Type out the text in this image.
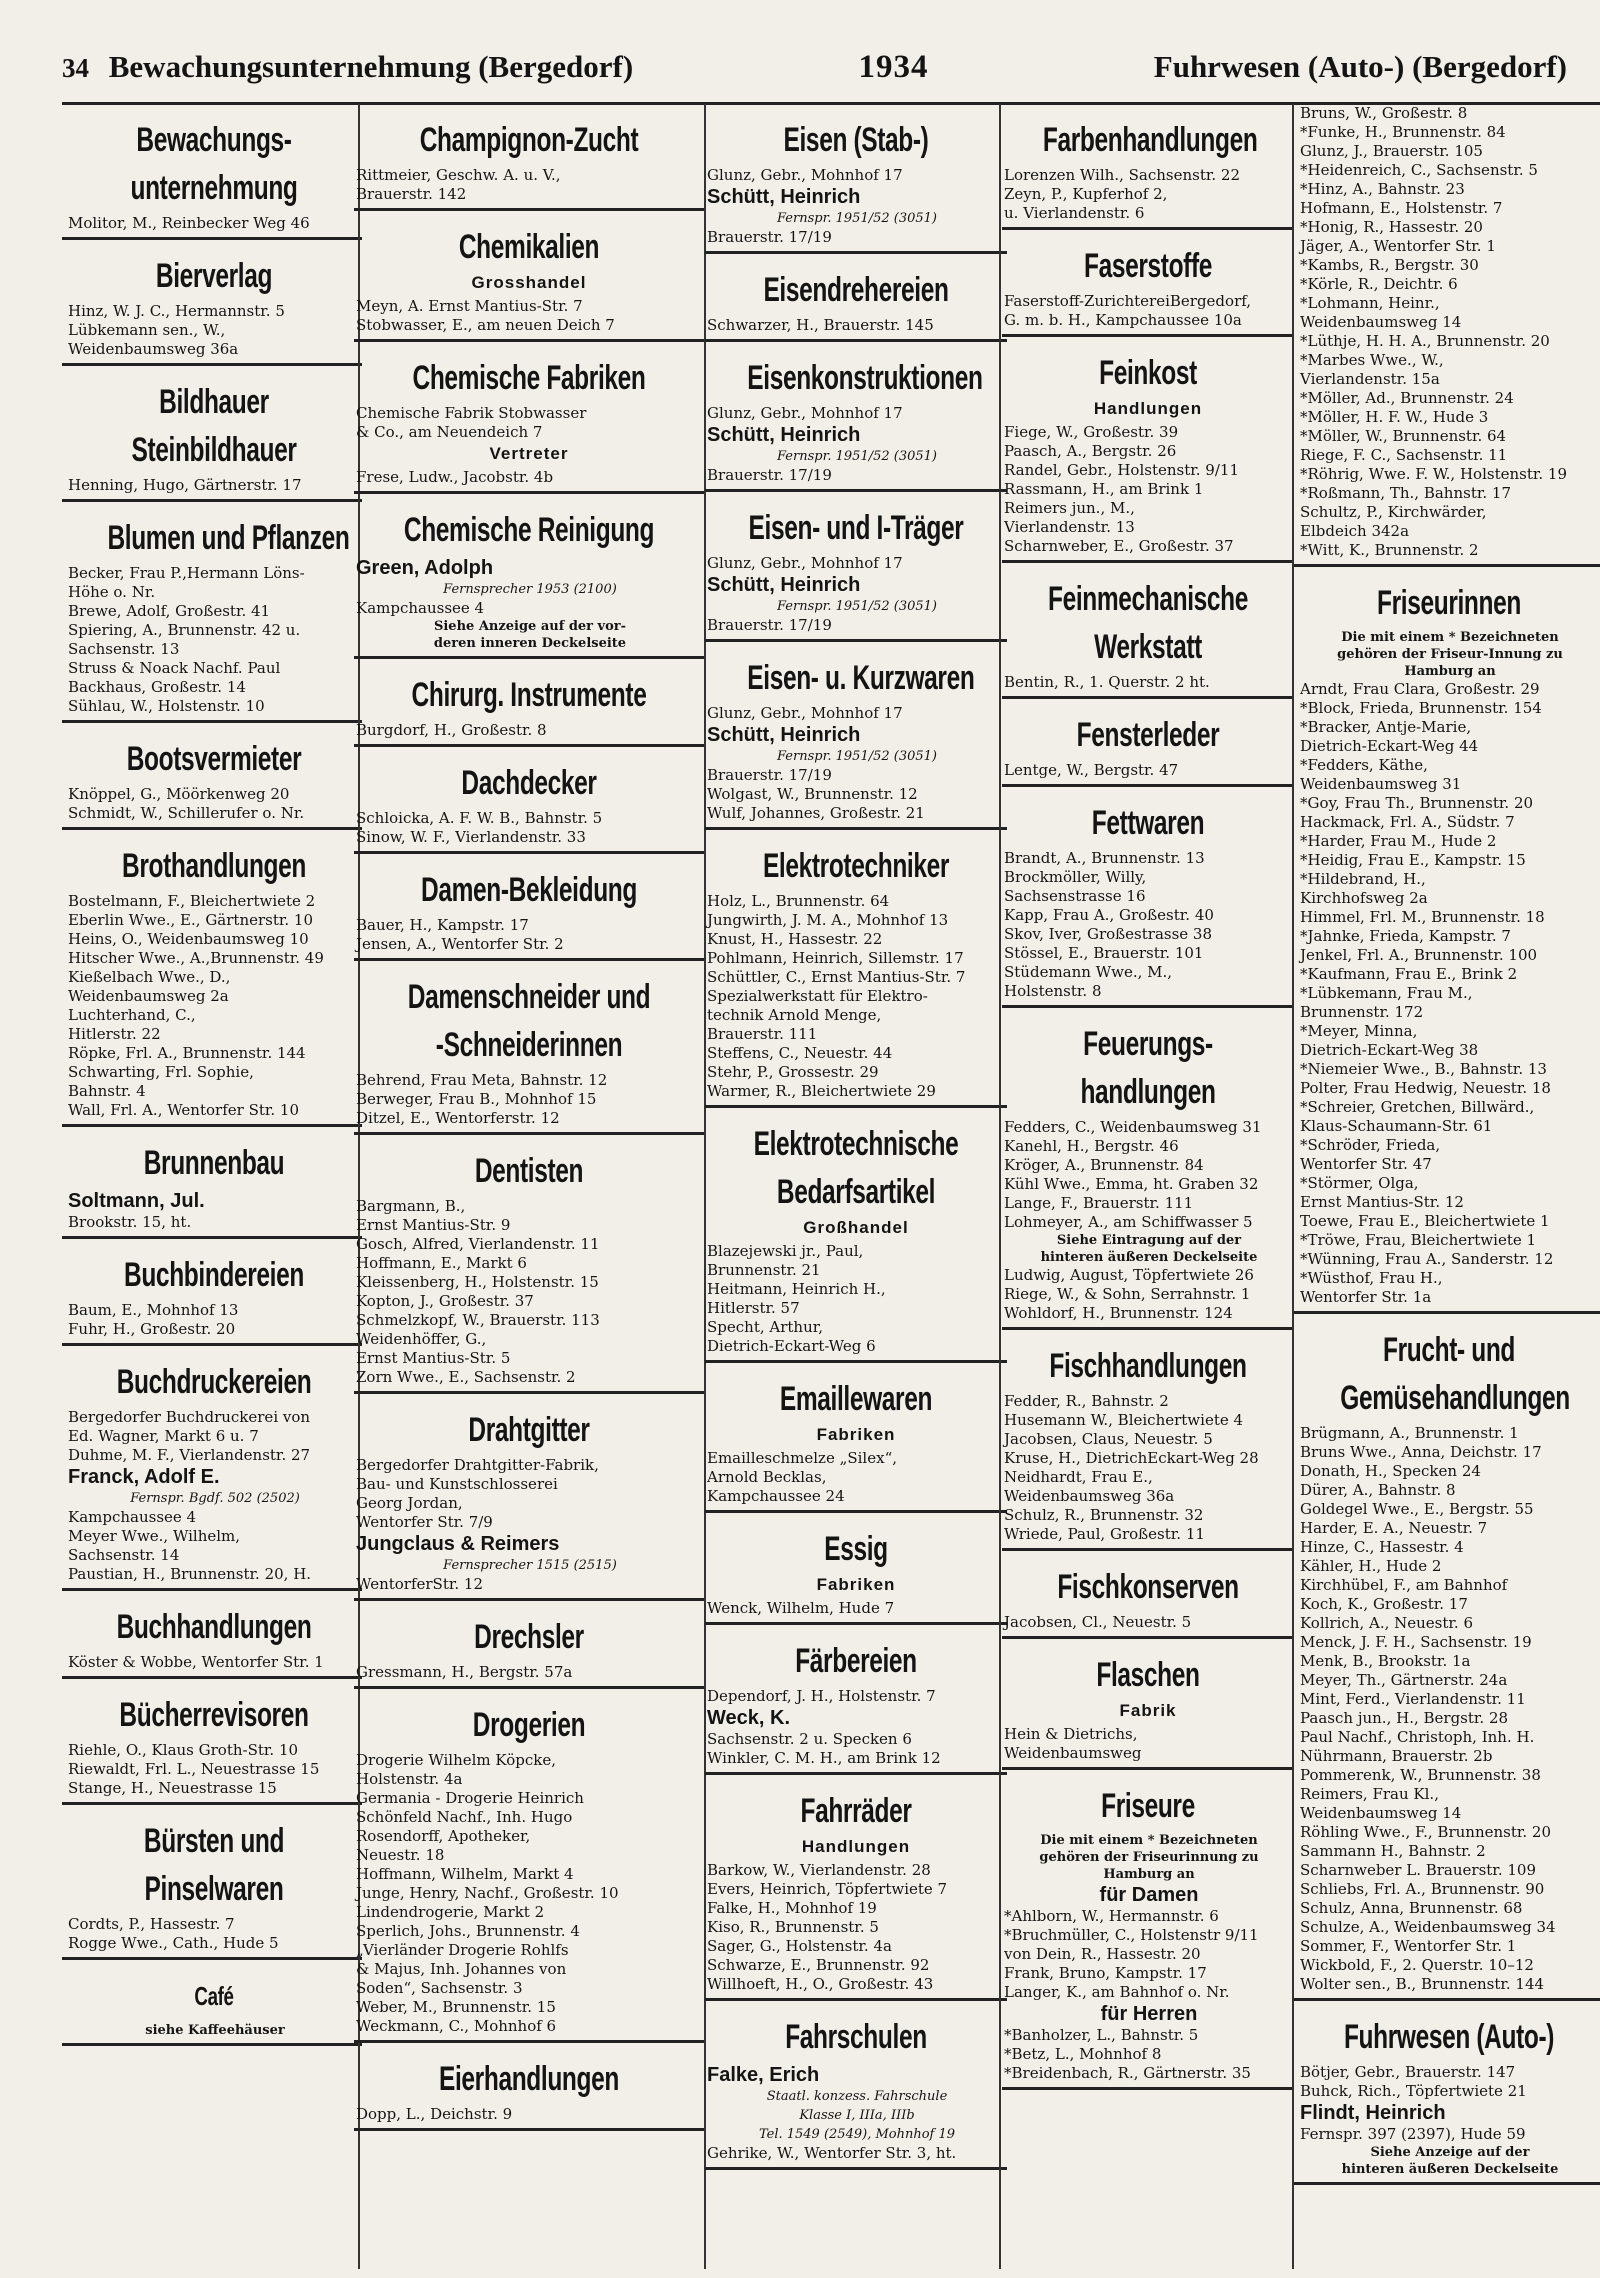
34 Bewachungsunternehmung (Bergedorf)	1934	Fuhrwesen (Auto-) (Bergedorf)
Bewachungs-
unternehmung
Molitor, M., Reinbecker Weg 46
Bierverlag
Hinz, W. J. C., Hermannstr. 5
Lübkemann sen., W.,
Weidenbaumsweg 36a
Bildhauer
Steinbildhauer
Henning, Hugo, Gärtnerstr. 17
Blumen und Pflanzen
Becker, Frau P.,Hermann Löns-
Höhe o. Nr.
Brewe, Adolf, Großestr. 41
Spiering, A., Brunnenstr. 42 u.
Sachsenstr. 13
Struss & Noack Nachf. Paul
Backhaus, Großestr. 14
Sühlau, W., Holstenstr. 10
Bootsvermieter
Knöppel, G., Möörkenweg 20
Schmidt, W., Schillerufer o. Nr.
Brothandlungen
Bostelmann, F., Bleichertwiete 2
Eberlin Wwe., E., Gärtnerstr. 10
Heins, O., Weidenbaumsweg 10
Hitscher Wwe., A.,Brunnenstr. 49
Kießelbach Wwe., D.,
Weidenbaumsweg 2a
Luchterhand, C.,
Hitlerstr. 22
Röpke, Frl. A., Brunnenstr. 144
Schwarting, Frl. Sophie,
Bahnstr. 4
Wall, Frl. A., Wentorfer Str. 10
Brunnenbau
Soltmann, Jul.
Brookstr. 15, ht.
Buchbindereien
Baum, E., Mohnhof 13
Fuhr, H., Großestr. 20
Buchdruckereien
Bergedorfer Buchdruckerei von
Ed. Wagner, Markt 6 u. 7
Duhme, M. F., Vierlandenstr. 27
Franck, Adolf E.
Fernspr. Bgdf. 502 (2502)
Kampchaussee 4
Meyer Wwe., Wilhelm,
Sachsenstr. 14
Paustian, H., Brunnenstr. 20, H.
Buchhandlungen
Köster & Wobbe, Wentorfer Str. 1
Bücherrevisoren
Riehle, O., Klaus Groth-Str. 10
Riewaldt, Frl. L., Neuestrasse 15
Stange, H., Neuestrasse 15
Bürsten und
Pinselwaren
Cordts, P., Hassestr. 7
Rogge Wwe., Cath., Hude 5
Café
siehe Kaffeehäuser
Champignon-Zucht
Rittmeier, Geschw. A. u. V.,
Brauerstr. 142
Chemikalien
Grosshandel
Meyn, A. Ernst Mantius-Str. 7
Stobwasser, E., am neuen Deich 7
Chemische Fabriken
Chemische Fabrik Stobwasser
& Co., am Neuendeich 7
Vertreter
Frese, Ludw., Jacobstr. 4b
Chemische Reinigung
Green, Adolph
Fernsprecher 1953 (2100)
Kampchaussee 4
Siehe Anzeige auf der vor-
deren inneren Deckelseite
Chirurg. Instrumente
Burgdorf, H., Großestr. 8
Dachdecker
Schloicka, A. F. W. B., Bahnstr. 5
Sinow, W. F., Vierlandenstr. 33
Damen-Bekleidung
Bauer, H., Kampstr. 17
Jensen, A., Wentorfer Str. 2
Damenschneider und
-Schneiderinnen
Behrend, Frau Meta, Bahnstr. 12
Berweger, Frau B., Mohnhof 15
Ditzel, E., Wentorferstr. 12
Dentisten
Bargmann, B.,
Ernst Mantius-Str. 9
Gosch, Alfred, Vierlandenstr. 11
Hoffmann, E., Markt 6
Kleissenberg, H., Holstenstr. 15
Kopton, J., Großestr. 37
Schmelzkopf, W., Brauerstr. 113
Weidenhöffer, G.,
Ernst Mantius-Str. 5
Zorn Wwe., E., Sachsenstr. 2
Drahtgitter
Bergedorfer Drahtgitter-Fabrik,
Bau- und Kunstschlosserei
Georg Jordan,
Wentorfer Str. 7/9
Jungclaus & Reimers
Fernsprecher 1515 (2515)
WentorferStr. 12
Drechsler
Gressmann, H., Bergstr. 57a
Drogerien
Drogerie Wilhelm Köpcke,
Holstenstr. 4a
Germania - Drogerie Heinrich
Schönfeld Nachf., Inh. Hugo
Rosendorff, Apotheker,
Neuestr. 18
Hoffmann, Wilhelm, Markt 4
Junge, Henry, Nachf., Großestr. 10
Lindendrogerie, Markt 2
Sperlich, Johs., Brunnenstr. 4
„Vierländer Drogerie Rohlfs
& Majus, Inh. Johannes von
Soden“, Sachsenstr. 3
Weber, M., Brunnenstr. 15
Weckmann, C., Mohnhof 6
Eierhandlungen
Dopp, L., Deichstr. 9
Eisen (Stab-)
Glunz, Gebr., Mohnhof 17
Schütt, Heinrich
Fernspr. 1951/52 (3051)
Brauerstr. 17/19
Eisendrehereien
Schwarzer, H., Brauerstr. 145
Eisenkonstruktionen
Glunz, Gebr., Mohnhof 17
Schütt, Heinrich
Fernspr. 1951/52 (3051)
Brauerstr. 17/19
Eisen- und I-Träger
Glunz, Gebr., Mohnhof 17
Schütt, Heinrich
Fernspr. 1951/52 (3051)
Brauerstr. 17/19
Eisen- u. Kurzwaren
Glunz, Gebr., Mohnhof 17
Schütt, Heinrich
Fernspr. 1951/52 (3051)
Brauerstr. 17/19
Wolgast, W., Brunnenstr. 12
Wulf, Johannes, Großestr. 21
Elektrotechniker
Holz, L., Brunnenstr. 64
Jungwirth, J. M. A., Mohnhof 13
Knust, H., Hassestr. 22
Pohlmann, Heinrich, Sillemstr. 17
Schüttler, C., Ernst Mantius-Str. 7
Spezialwerkstatt für Elektro-
technik Arnold Menge,
Brauerstr. 111
Steffens, C., Neuestr. 44
Stehr, P., Grossestr. 29
Warmer, R., Bleichertwiete 29
Elektrotechnische
Bedarfsartikel
Großhandel
Blazejewski jr., Paul,
Brunnenstr. 21
Heitmann, Heinrich H.,
Hitlerstr. 57
Specht, Arthur,
Dietrich-Eckart-Weg 6
Emaillewaren
Fabriken
Emailleschmelze „Silex“,
Arnold Becklas,
Kampchaussee 24
Essig
Fabriken
Wenck, Wilhelm, Hude 7
Färbereien
Dependorf, J. H., Holstenstr. 7
Weck, K.
Sachsenstr. 2 u. Specken 6
Winkler, C. M. H., am Brink 12
Fahrräder
Handlungen
Barkow, W., Vierlandenstr. 28
Evers, Heinrich, Töpfertwiete 7
Falke, H., Mohnhof 19
Kiso, R., Brunnenstr. 5
Sager, G., Holstenstr. 4a
Schwarze, E., Brunnenstr. 92
Willhoeft, H., O., Großestr. 43
Fahrschulen
Falke, Erich
Staatl. konzess. Fahrschule
Klasse I, IIIa, IIIb
Tel. 1549 (2549), Mohnhof 19
Gehrike, W., Wentorfer Str. 3, ht.
Farbenhandlungen
Lorenzen Wilh., Sachsenstr. 22
Zeyn, P., Kupferhof 2,
u. Vierlandenstr. 6
Faserstoffe
Faserstoff-ZurichtereiBergedorf,
G. m. b. H., Kampchaussee 10a
Feinkost
Handlungen
Fiege, W., Großestr. 39
Paasch, A., Bergstr. 26
Randel, Gebr., Holstenstr. 9/11
Rassmann, H., am Brink 1
Reimers jun., M.,
Vierlandenstr. 13
Scharnweber, E., Großestr. 37
Feinmechanische
Werkstatt
Bentin, R., 1. Querstr. 2 ht.
Fensterleder
Lentge, W., Bergstr. 47
Fettwaren
Brandt, A., Brunnenstr. 13
Brockmöller, Willy,
Sachsenstrasse 16
Kapp, Frau A., Großestr. 40
Skov, Iver, Großestrasse 38
Stössel, E., Brauerstr. 101
Stüdemann Wwe., M.,
Holstenstr. 8
Feuerungs-
handlungen
Fedders, C., Weidenbaumsweg 31
Kanehl, H., Bergstr. 46
Kröger, A., Brunnenstr. 84
Kühl Wwe., Emma, ht. Graben 32
Lange, F., Brauerstr. 111
Lohmeyer, A., am Schiffwasser 5
Siehe Eintragung auf der
hinteren äußeren Deckelseite
Ludwig, August, Töpfertwiete 26
Riege, W., & Sohn, Serrahnstr. 1
Wohldorf, H., Brunnenstr. 124
Fischhandlungen
Fedder, R., Bahnstr. 2
Husemann W., Bleichertwiete 4
Jacobsen, Claus, Neuestr. 5
Kruse, H., DietrichEckart-Weg 28
Neidhardt, Frau E.,
Weidenbaumsweg 36a
Schulz, R., Brunnenstr. 32
Wriede, Paul, Großestr. 11
Fischkonserven
Jacobsen, Cl., Neuestr. 5
Flaschen
Fabrik
Hein & Dietrichs,
Weidenbaumsweg
Friseure
Die mit einem * Bezeichneten
gehören der Friseurinnung zu
Hamburg an
für Damen
*Ahlborn, W., Hermannstr. 6
*Bruchmüller, C., Holstenstr 9/11
von Dein, R., Hassestr. 20
Frank, Bruno, Kampstr. 17
Langer, K., am Bahnhof o. Nr.
für Herren
*Banholzer, L., Bahnstr. 5
*Betz, L., Mohnhof 8
*Breidenbach, R., Gärtnerstr. 35
Bruns, W., Großestr. 8
*Funke, H., Brunnenstr. 84
Glunz, J., Brauerstr. 105
*Heidenreich, C., Sachsenstr. 5
*Hinz, A., Bahnstr. 23
Hofmann, E., Holstenstr. 7
*Honig, R., Hassestr. 20
Jäger, A., Wentorfer Str. 1
*Kambs, R., Bergstr. 30
*Körle, R., Deichtr. 6
*Lohmann, Heinr.,
Weidenbaumsweg 14
*Lüthje, H. H. A., Brunnenstr. 20
*Marbes Wwe., W.,
Vierlandenstr. 15a
*Möller, Ad., Brunnenstr. 24
*Möller, H. F. W., Hude 3
*Möller, W., Brunnenstr. 64
Riege, F. C., Sachsenstr. 11
*Röhrig, Wwe. F. W., Holstenstr. 19
*Roßmann, Th., Bahnstr. 17
Schultz, P., Kirchwärder,
Elbdeich 342a
*Witt, K., Brunnenstr. 2
Friseurinnen
Die mit einem * Bezeichneten
gehören der Friseur-Innung zu
Hamburg an
Arndt, Frau Clara, Großestr. 29
*Block, Frieda, Brunnenstr. 154
*Bracker, Antje-Marie,
Dietrich-Eckart-Weg 44
*Fedders, Käthe,
Weidenbaumsweg 31
*Goy, Frau Th., Brunnenstr. 20
Hackmack, Frl. A., Südstr. 7
*Harder, Frau M., Hude 2
*Heidig, Frau E., Kampstr. 15
*Hildebrand, H.,
Kirchhofsweg 2a
Himmel, Frl. M., Brunnenstr. 18
*Jahnke, Frieda, Kampstr. 7
Jenkel, Frl. A., Brunnenstr. 100
*Kaufmann, Frau E., Brink 2
*Lübkemann, Frau M.,
Brunnenstr. 172
*Meyer, Minna,
Dietrich-Eckart-Weg 38
*Niemeier Wwe., B., Bahnstr. 13
Polter, Frau Hedwig, Neuestr. 18
*Schreier, Gretchen, Billwärd.,
Klaus-Schaumann-Str. 61
*Schröder, Frieda,
Wentorfer Str. 47
*Störmer, Olga,
Ernst Mantius-Str. 12
Toewe, Frau E., Bleichertwiete 1
*Tröwe, Frau, Bleichertwiete 1
*Wünning, Frau A., Sanderstr. 12
*Wüsthof, Frau H.,
Wentorfer Str. 1a
Frucht- und
Gemüsehandlungen
Brügmann, A., Brunnenstr. 1
Bruns Wwe., Anna, Deichstr. 17
Donath, H., Specken 24
Dürer, A., Bahnstr. 8
Goldegel Wwe., E., Bergstr. 55
Harder, E. A., Neuestr. 7
Hinze, C., Hassestr. 4
Kähler, H., Hude 2
Kirchhübel, F., am Bahnhof
Koch, K., Großestr. 17
Kollrich, A., Neuestr. 6
Menck, J. F. H., Sachsenstr. 19
Menk, B., Brookstr. 1a
Meyer, Th., Gärtnerstr. 24a
Mint, Ferd., Vierlandenstr. 11
Paasch jun., H., Bergstr. 28
Paul Nachf., Christoph, Inh. H.
Nührmann, Brauerstr. 2b
Pommerenk, W., Brunnenstr. 38
Reimers, Frau Kl.,
Weidenbaumsweg 14
Röhling Wwe., F., Brunnenstr. 20
Sammann H., Bahnstr. 2
Scharnweber L. Brauerstr. 109
Schliebs, Frl. A., Brunnenstr. 90
Schulz, Anna, Brunnenstr. 68
Schulze, A., Weidenbaumsweg 34
Sommer, F., Wentorfer Str. 1
Wickbold, F., 2. Querstr. 10–12
Wolter sen., B., Brunnenstr. 144
Fuhrwesen (Auto-)
Bötjer, Gebr., Brauerstr. 147
Buhck, Rich., Töpfertwiete 21
Flindt, Heinrich
Fernspr. 397 (2397), Hude 59
Siehe Anzeige auf der
hinteren äußeren Deckelseite
